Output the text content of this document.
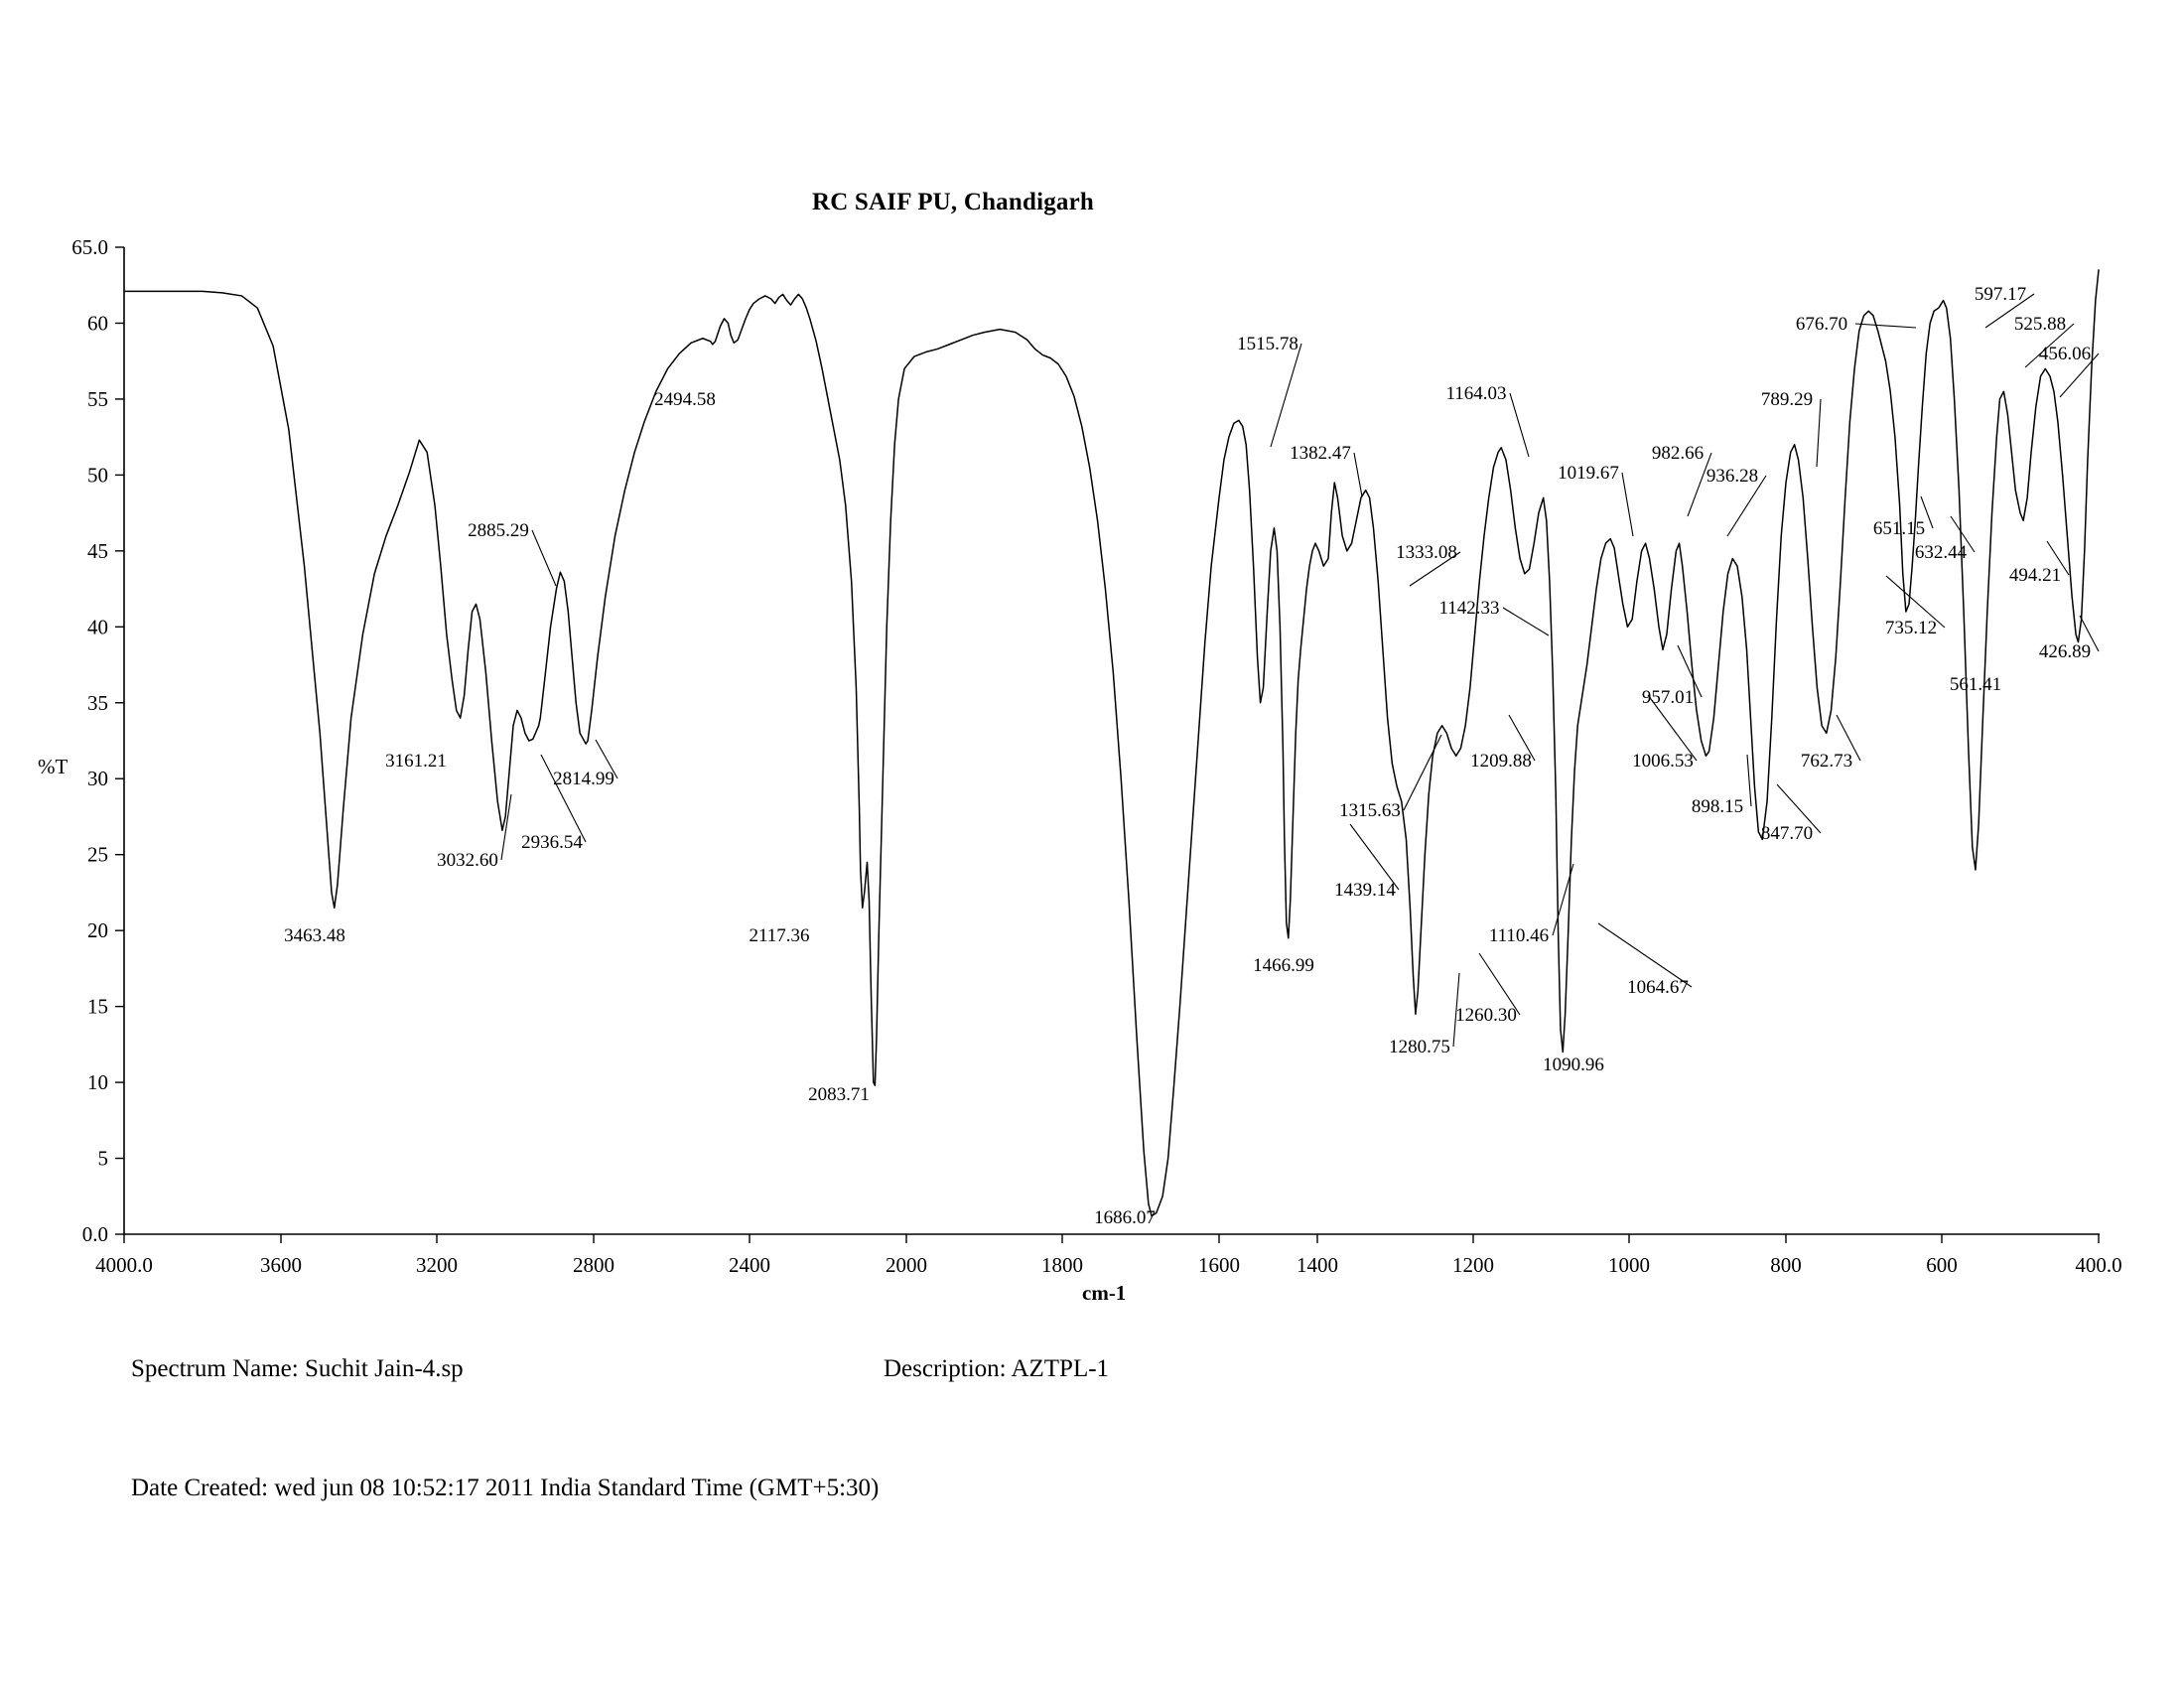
RC SAIF PU, Chandigarh
4000.0	3600	3200	2800	2400	2000	1800	1600	1400	1200	1000	800	600	400.0
0.0
5
10
15
20
25
30
35
40
45
50
55
60
65.0
3463.48
3161.21
3032.60
2936.54
2885.29
2814.99
2494.58
2117.36
2083.71
1686.07
1515.78
1466.99
1439.14
1382.47
1333.08
1315.63
1280.75
1260.30
1209.88
1142.33
1164.03
1110.46
1090.96
1064.67
1019.67
1006.53
957.01
982.66
936.28
898.15
847.70
789.29
762.73
735.12
676.70
651.15
632.44
597.17
561.41
525.88
494.21
456.06
426.89
%T
cm-1
Spectrum Name: Suchit Jain-4.sp	Description: AZTPL-1
Date Created: wed jun 08 10:52:17 2011 India Standard Time (GMT+5:30)
